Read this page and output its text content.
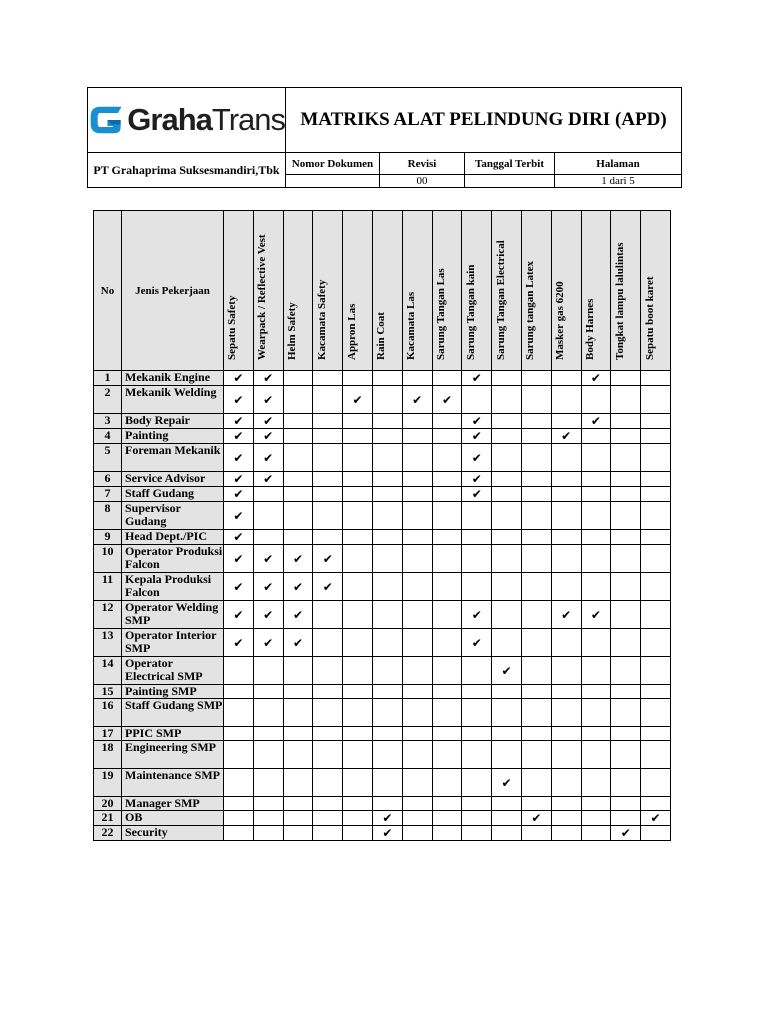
GrahaTrans	MATRIKS ALAT PELINDUNG DIRI (APD)			
PT Grahaprima Suksesmandiri,Tbk	Nomor Dokumen	Revisi	Tanggal Terbit	Halaman
		00		1 dari 5
No	Jenis Pekerjaan	Sepatu Safety	Wearpack / Reflective Vest	Helm Safety	Kacamata Safety	Appron Las	Rain Coat	Kacamata Las	Sarung Tangan Las	Sarung Tangan kain	Sarung Tangan Electrical	Sarung tangan Latex	Masker gas 6200	Body Harnes	Tongkat lampu lalulintas	Sepatu boot karet

1	Mekanik Engine	✔	✔							✔				✔		
2	Mekanik Welding	✔	✔			✔		✔	✔							
3	Body Repair	✔	✔							✔				✔		
4	Painting	✔	✔							✔			✔			
5	Foreman Mekanik	✔	✔							✔						
6	Service Advisor	✔	✔							✔						
7	Staff Gudang	✔								✔						
8	Supervisor Gudang	✔														
9	Head Dept./PIC	✔														
10	Operator Produksi Falcon	✔	✔	✔	✔											
11	Kepala Produksi Falcon	✔	✔	✔	✔											
12	Operator Welding SMP	✔	✔	✔						✔			✔	✔		
13	Operator Interior SMP	✔	✔	✔						✔						
14	Operator Electrical SMP										✔					
15	Painting SMP															
16	Staff Gudang SMP															
17	PPIC SMP															
18	Engineering SMP															
19	Maintenance SMP										✔					
20	Manager SMP															
21	OB						✔					✔				✔
22	Security						✔								✔	
